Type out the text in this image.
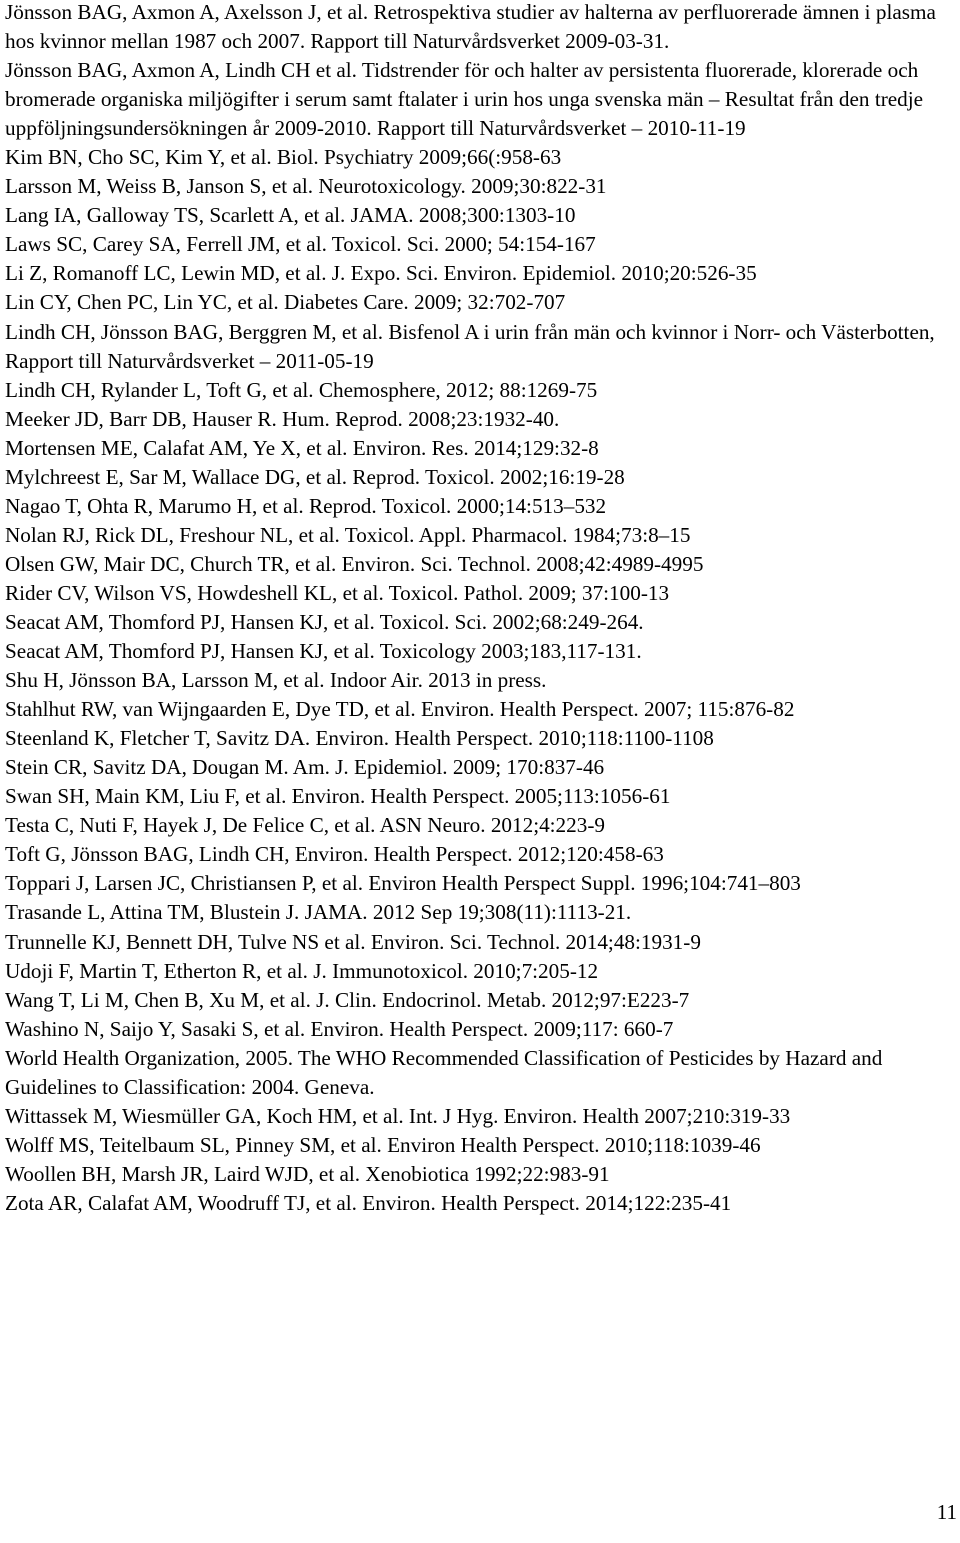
Jönsson BAG, Axmon A, Axelsson J, et al. Retrospektiva studier av halterna av perfluorerade ämnen i plasma hos kvinnor mellan 1987 och 2007. Rapport till Naturvårdsverket 2009-03-31.

Jönsson BAG, Axmon A, Lindh CH et al. Tidstrender för och halter av persistenta fluorerade, klorerade och bromerade organiska miljögifter i serum samt ftalater i urin hos unga svenska män – Resultat från den tredje uppföljningsundersökningen år 2009-2010. Rapport till Naturvårdsverket – 2010-11-19

Kim BN, Cho SC, Kim Y, et al. Biol. Psychiatry 2009;66(:958-63

Larsson M, Weiss B, Janson S, et al. Neurotoxicology. 2009;30:822-31

Lang IA, Galloway TS, Scarlett A, et al. JAMA. 2008;300:1303-10

Laws SC, Carey SA, Ferrell JM, et al. Toxicol. Sci. 2000; 54:154-167

Li Z, Romanoff LC, Lewin MD, et al. J. Expo. Sci. Environ. Epidemiol. 2010;20:526-35

Lin CY, Chen PC, Lin YC, et al. Diabetes Care. 2009; 32:702-707

Lindh CH, Jönsson BAG, Berggren M, et al. Bisfenol A i urin från män och kvinnor i Norr- och Västerbotten, Rapport till Naturvårdsverket – 2011-05-19

Lindh CH, Rylander L, Toft G, et al. Chemosphere, 2012; 88:1269-75

Meeker JD, Barr DB, Hauser R. Hum. Reprod. 2008;23:1932-40.

Mortensen ME, Calafat AM, Ye X, et al. Environ. Res. 2014;129:32-8

Mylchreest E, Sar M, Wallace DG, et al. Reprod. Toxicol. 2002;16:19-28

Nagao T, Ohta R, Marumo H, et al. Reprod. Toxicol. 2000;14:513–532

Nolan RJ, Rick DL, Freshour NL, et al. Toxicol. Appl. Pharmacol. 1984;73:8–15

Olsen GW, Mair DC, Church TR, et al. Environ. Sci. Technol. 2008;42:4989-4995

Rider CV, Wilson VS, Howdeshell KL, et al. Toxicol. Pathol. 2009; 37:100-13

Seacat AM, Thomford PJ, Hansen KJ, et al. Toxicol. Sci. 2002;68:249-264.

Seacat AM, Thomford PJ, Hansen KJ, et al. Toxicology 2003;183,117-131.

Shu H, Jönsson BA, Larsson M, et al. Indoor Air. 2013 in press.

Stahlhut RW, van Wijngaarden E, Dye TD, et al. Environ. Health Perspect. 2007; 115:876-82

Steenland K, Fletcher T, Savitz DA. Environ. Health Perspect. 2010;118:1100-1108

Stein CR, Savitz DA, Dougan M. Am. J. Epidemiol. 2009; 170:837-46

Swan SH, Main KM, Liu F, et al. Environ. Health Perspect. 2005;113:1056-61

Testa C, Nuti F, Hayek J, De Felice C, et al. ASN Neuro. 2012;4:223-9

Toft G, Jönsson BAG, Lindh CH, Environ. Health Perspect. 2012;120:458-63

Toppari J, Larsen JC, Christiansen P, et al. Environ Health Perspect Suppl. 1996;104:741–803

Trasande L, Attina TM, Blustein J. JAMA. 2012 Sep 19;308(11):1113-21.

Trunnelle KJ, Bennett DH, Tulve NS et al. Environ. Sci. Technol. 2014;48:1931-9

Udoji F, Martin T, Etherton R, et al. J. Immunotoxicol. 2010;7:205-12

Wang T, Li M, Chen B, Xu M, et al. J. Clin. Endocrinol. Metab. 2012;97:E223-7

Washino N, Saijo Y, Sasaki S, et al. Environ. Health Perspect. 2009;117: 660-7

World Health Organization, 2005. The WHO Recommended Classification of Pesticides by Hazard and Guidelines to Classification: 2004. Geneva.

Wittassek M, Wiesmüller GA, Koch HM, et al. Int. J Hyg. Environ. Health 2007;210:319-33

Wolff MS, Teitelbaum SL, Pinney SM, et al. Environ Health Perspect. 2010;118:1039-46

Woollen BH, Marsh JR, Laird WJD, et al. Xenobiotica 1992;22:983-91

Zota AR, Calafat AM, Woodruff TJ, et al. Environ. Health Perspect. 2014;122:235-41

11
